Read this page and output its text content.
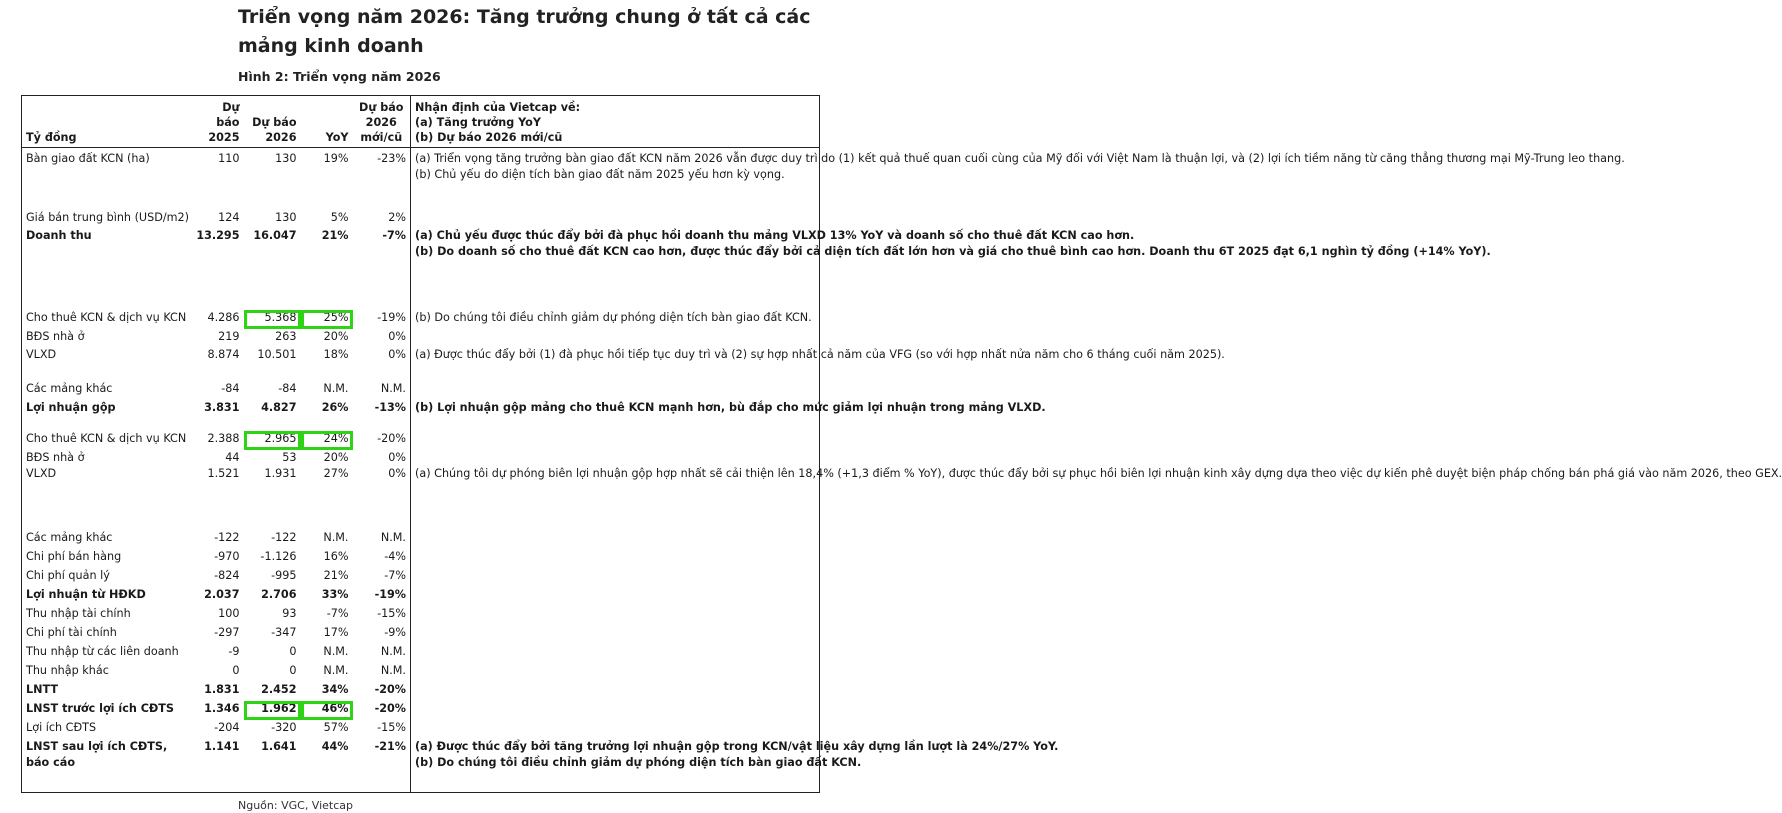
Triển vọng năm 2026: Tăng trưởng chung ở tất cả các mảng kinh doanh
Hình 2: Triển vọng năm 2026
Tỷ đồng	Dự báo 2025	Dự báo 2026	YoY	Dự báo 2026 mới/cũ	Nhận định của Vietcap về:
(a) Tăng trưởng YoY
(b) Dự báo 2026 mới/cũ

Bàn giao đất KCN (ha)	110	130	19%	-23%	(a) Triển vọng tăng trưởng bàn giao đất KCN năm 2026 vẫn được duy trì do (1) kết quả thuế quan cuối cùng của Mỹ đối với Việt Nam là thuận lợi, và (2) lợi ích tiềm năng từ căng thẳng thương mại Mỹ-Trung leo thang.
(b) Chủ yếu do diện tích bàn giao đất năm 2025 yếu hơn kỳ vọng.

Giá bán trung bình (USD/m2)	124	130	5%	2%	
Doanh thu	13.295	16.047	21%	-7%	(a) Chủ yếu được thúc đẩy bởi đà phục hồi doanh thu mảng VLXD 13% YoY và doanh số cho thuê đất KCN cao hơn.
(b) Do doanh số cho thuê đất KCN cao hơn, được thúc đẩy bởi cả diện tích đất lớn hơn và giá cho thuê bình cao hơn. Doanh thu 6T 2025 đạt 6,1 nghìn tỷ đồng (+14% YoY).

Cho thuê KCN & dịch vụ KCN	4.286	5.368	25%	-19%	(b) Do chúng tôi điều chỉnh giảm dự phóng diện tích bàn giao đất KCN.
BĐS nhà ở	219	263	20%	0%	
VLXD	8.874	10.501	18%	0%	(a) Được thúc đẩy bởi (1) đà phục hồi tiếp tục duy trì và (2) sự hợp nhất cả năm của VFG (so với hợp nhất nửa năm cho 6 tháng cuối năm 2025).
Các mảng khác	-84	-84	N.M.	N.M.	
Lợi nhuận gộp	3.831	4.827	26%	-13%	(b) Lợi nhuận gộp mảng cho thuê KCN mạnh hơn, bù đắp cho mức giảm lợi nhuận trong mảng VLXD.
Cho thuê KCN & dịch vụ KCN	2.388	2.965	24%	-20%	
BĐS nhà ở	44	53	20%	0%	
VLXD	1.521	1.931	27%	0%	(a) Chúng tôi dự phóng biên lợi nhuận gộp hợp nhất sẽ cải thiện lên 18,4% (+1,3 điểm % YoY), được thúc đẩy bởi sự phục hồi biên lợi nhuận kinh xây dựng dựa theo việc dự kiến phê duyệt biện pháp chống bán phá giá vào năm 2026, theo GEX.
Các mảng khác	-122	-122	N.M.	N.M.	
Chi phí bán hàng	-970	-1.126	16%	-4%	
Chi phí quản lý	-824	-995	21%	-7%	
Lợi nhuận từ HĐKD	2.037	2.706	33%	-19%	
Thu nhập tài chính	100	93	-7%	-15%	
Chi phí tài chính	-297	-347	17%	-9%	
Thu nhập từ các liên doanh	-9	0	N.M.	N.M.	
Thu nhập khác	0	0	N.M.	N.M.	
LNTT	1.831	2.452	34%	-20%	
LNST trước lợi ích CĐTS	1.346	1.962	46%	-20%	
Lợi ích CĐTS	-204	-320	57%	-15%	
LNST sau lợi ích CĐTS, báo cáo	1.141	1.641	44%	-21%	(a) Được thúc đẩy bởi tăng trưởng lợi nhuận gộp trong KCN/vật liệu xây dựng lần lượt là 24%/27% YoY.
(b) Do chúng tôi điều chỉnh giảm dự phóng diện tích bàn giao đất KCN.
Nguồn: VGC, Vietcap
